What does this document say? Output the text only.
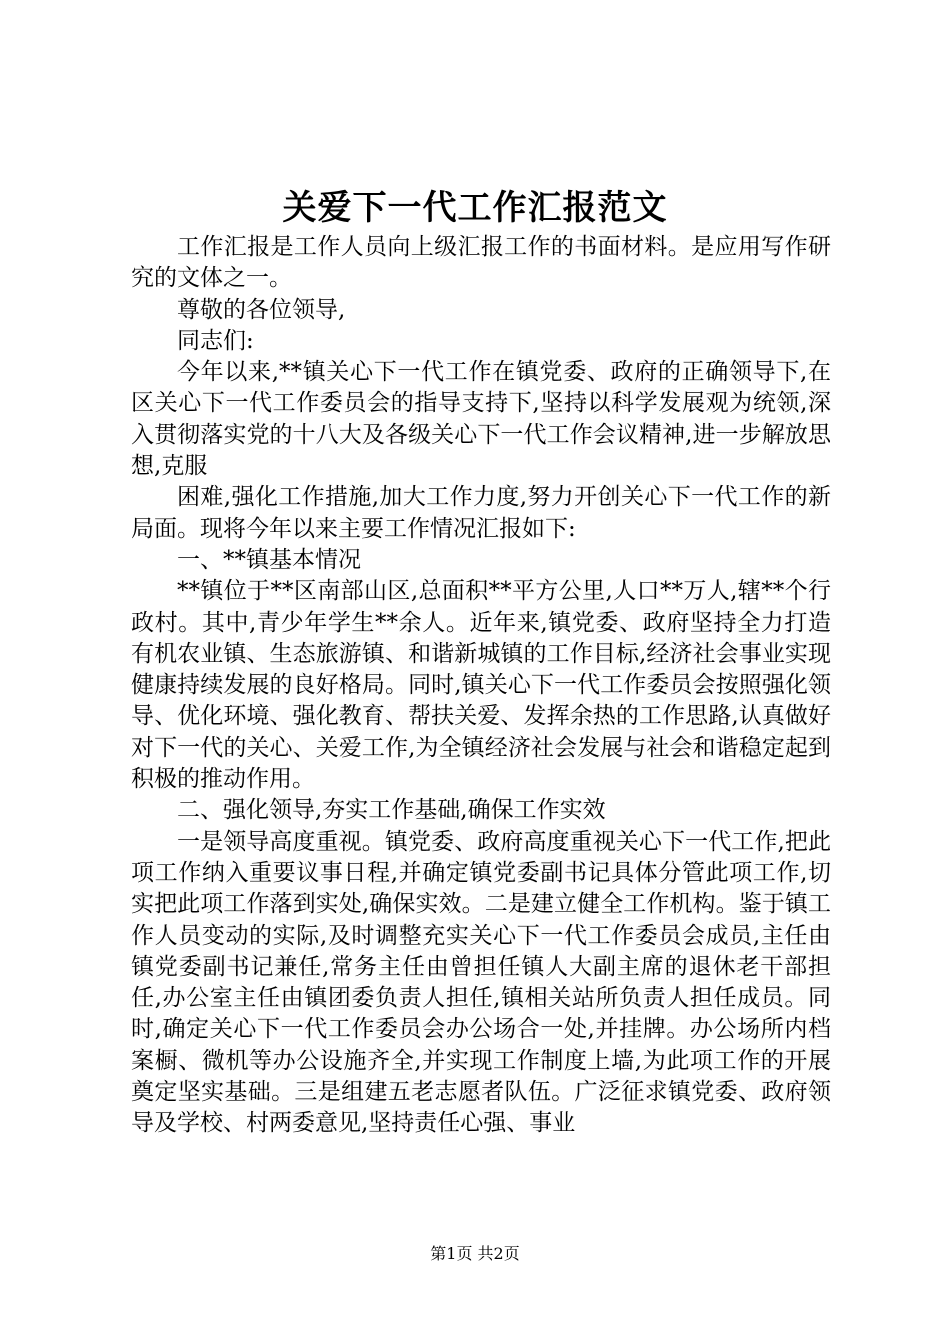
关爱下一代工作汇报范文

工作汇报是工作人员向上级汇报工作的书面材料。是应用写作研究的文体之一。

尊敬的各位领导,

同志们:

今年以来,**镇关心下一代工作在镇党委、政府的正确领导下,在区关心下一代工作委员会的指导支持下,坚持以科学发展观为统领,深入贯彻落实党的十八大及各级关心下一代工作会议精神,进一步解放思想,克服

困难,强化工作措施,加大工作力度,努力开创关心下一代工作的新局面。现将今年以来主要工作情况汇报如下:

一、**镇基本情况

**镇位于**区南部山区,总面积**平方公里,人口**万人,辖**个行政村。其中,青少年学生**余人。近年来,镇党委、政府坚持全力打造有机农业镇、生态旅游镇、和谐新城镇的工作目标,经济社会事业实现健康持续发展的良好格局。同时,镇关心下一代工作委员会按照强化领导、优化环境、强化教育、帮扶关爱、发挥余热的工作思路,认真做好对下一代的关心、关爱工作,为全镇经济社会发展与社会和谐稳定起到积极的推动作用。

二、强化领导,夯实工作基础,确保工作实效

一是领导高度重视。镇党委、政府高度重视关心下一代工作,把此项工作纳入重要议事日程,并确定镇党委副书记具体分管此项工作,切实把此项工作落到实处,确保实效。二是建立健全工作机构。鉴于镇工作人员变动的实际,及时调整充实关心下一代工作委员会成员,主任由镇党委副书记兼任,常务主任由曾担任镇人大副主席的退休老干部担任,办公室主任由镇团委负责人担任,镇相关站所负责人担任成员。同时,确定关心下一代工作委员会办公场合一处,并挂牌。办公场所内档案橱、微机等办公设施齐全,并实现工作制度上墙,为此项工作的开展奠定坚实基础。三是组建五老志愿者队伍。广泛征求镇党委、政府领导及学校、村两委意见,坚持责任心强、事业

第1页 共2页
